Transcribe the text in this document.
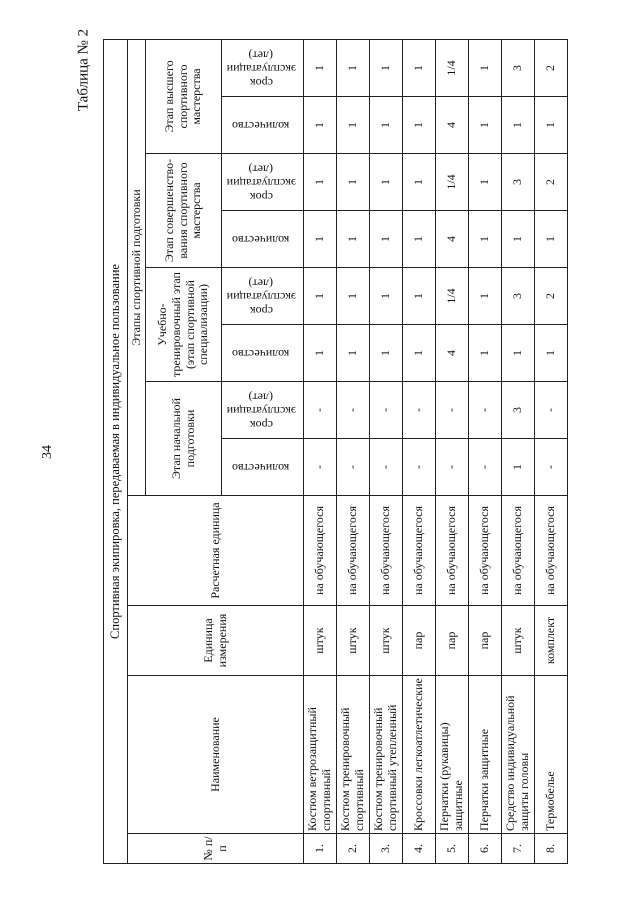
34
Таблица № 2
Спортивная экипировка, передаваемая в индивидуальное пользование											
№ п/п	Наименование	Единица измерения	Расчетная единица	Этапы спортивной подготовки							
				Этап начальной подготовки		Учебно-тренировочный этап (этап спортивной специализации)		Этап совершенство-вания спортивного мастерства		Этап высшего спортивного мастерства	
				количество	срок эксплуатации (лет)	количество	срок эксплуатации (лет)	количество	срок эксплуатации (лет)	количество	срок эксплуатации (лет)
1.	Костюм ветрозащитный спортивный	штук	на обучающегося	-	-	1	1	1	1	1	1
2.	Костюм тренировочный спортивный	штук	на обучающегося	-	-	1	1	1	1	1	1
3.	Костюм тренировочный спортивный утепленный	штук	на обучающегося	-	-	1	1	1	1	1	1
4.	Кроссовки легкоатлетические	пар	на обучающегося	-	-	1	1	1	1	1	1
5.	Перчатки (рукавицы) защитные	пар	на обучающегося	-	-	4	1/4	4	1/4	4	1/4
6.	Перчатки защитные	пар	на обучающегося	-	-	1	1	1	1	1	1
7.	Средство индивидуальной защиты головы	штук	на обучающегося	1	3	1	3	1	3	1	3
8.	Термобелье	комплект	на обучающегося	-	-	1	2	1	2	1	2
